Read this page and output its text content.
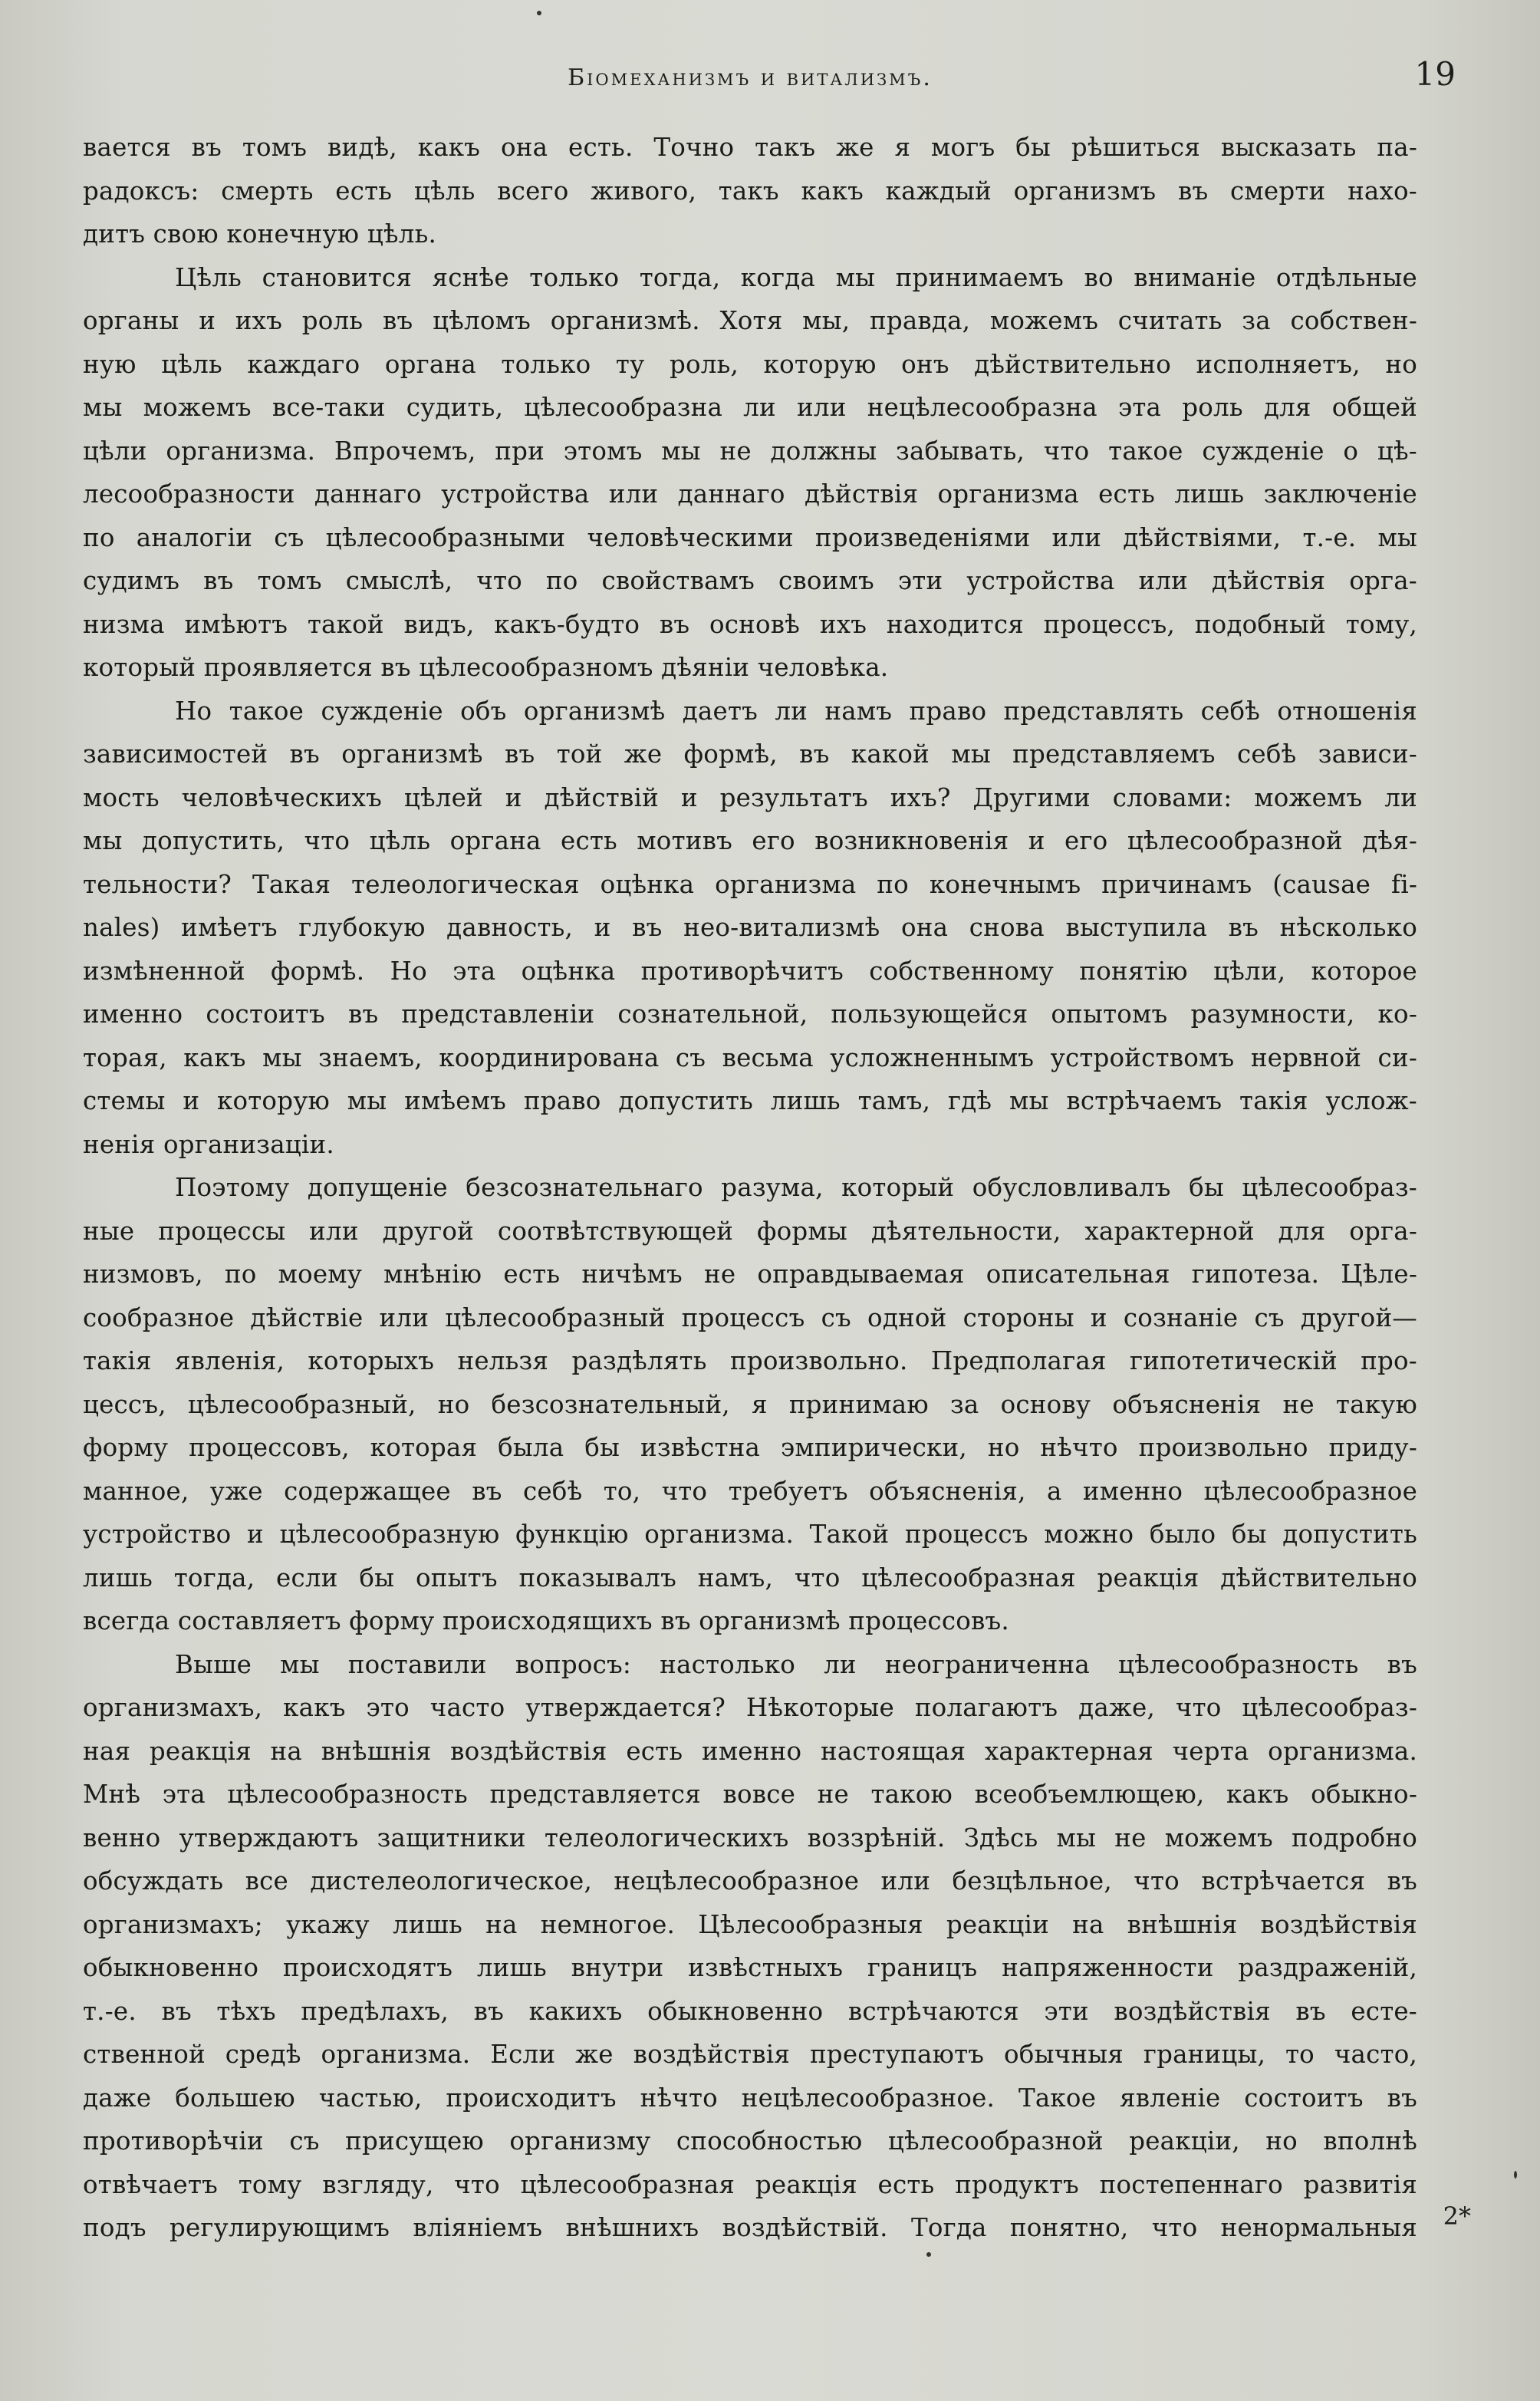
Біомеханизмъ и витализмъ.	19
вается въ томъ видѣ, какъ она есть. Точно такъ же я могъ бы рѣшиться высказать па-
радоксъ: смерть есть цѣль всего живого, такъ какъ каждый организмъ въ смерти нахо-
дитъ свою конечную цѣль.
Цѣль становится яснѣе только тогда, когда мы принимаемъ во вниманіе отдѣльные
органы и ихъ роль въ цѣломъ организмѣ. Хотя мы, правда, можемъ считать за собствен-
ную цѣль каждаго органа только ту роль, которую онъ дѣйствительно исполняетъ, но
мы можемъ все-таки судить, цѣлесообразна ли или нецѣлесообразна эта роль для общей
цѣли организма. Впрочемъ, при этомъ мы не должны забывать, что такое сужденіе о цѣ-
лесообразности даннаго устройства или даннаго дѣйствія организма есть лишь заключеніе
по аналогіи съ цѣлесообразными человѣческими произведеніями или дѣйствіями, т.-е. мы
судимъ въ томъ смыслѣ, что по свойствамъ своимъ эти устройства или дѣйствія орга-
низма имѣютъ такой видъ, какъ-будто въ основѣ ихъ находится процессъ, подобный тому,
который проявляется въ цѣлесообразномъ дѣяніи человѣка.
Но такое сужденіе объ организмѣ даетъ ли намъ право представлять себѣ отношенія
зависимостей въ организмѣ въ той же формѣ, въ какой мы представляемъ себѣ зависи-
мость человѣческихъ цѣлей и дѣйствій и результатъ ихъ? Другими словами: можемъ ли
мы допустить, что цѣль органа есть мотивъ его возникновенія и его цѣлесообразной дѣя-
тельности? Такая телеологическая оцѣнка организма по конечнымъ причинамъ (causae fi-
nales) имѣетъ глубокую давность, и въ нео-витализмѣ она снова выступила въ нѣсколько
измѣненной формѣ. Но эта оцѣнка противорѣчитъ собственному понятію цѣли, которое
именно состоитъ въ представленіи сознательной, пользующейся опытомъ разумности, ко-
торая, какъ мы знаемъ, координирована съ весьма усложненнымъ устройствомъ нервной си-
стемы и которую мы имѣемъ право допустить лишь тамъ, гдѣ мы встрѣчаемъ такія услож-
ненія организаціи.
Поэтому допущеніе безсознательнаго разума, который обусловливалъ бы цѣлесообраз-
ные процессы или другой соотвѣтствующей формы дѣятельности, характерной для орга-
низмовъ, по моему мнѣнію есть ничѣмъ не оправдываемая описательная гипотеза. Цѣле-
сообразное дѣйствіе или цѣлесообразный процессъ съ одной стороны и сознаніе съ другой—
такія явленія, которыхъ нельзя раздѣлять произвольно. Предполагая гипотетическій про-
цессъ, цѣлесообразный, но безсознательный, я принимаю за основу объясненія не такую
форму процессовъ, которая была бы извѣстна эмпирически, но нѣчто произвольно приду-
манное, уже содержащее въ себѣ то, что требуетъ объясненія, а именно цѣлесообразное
устройство и цѣлесообразную функцію организма. Такой процессъ можно было бы допустить
лишь тогда, если бы опытъ показывалъ намъ, что цѣлесообразная реакція дѣйствительно
всегда составляетъ форму происходящихъ въ организмѣ процессовъ.
Выше мы поставили вопросъ: настолько ли неограниченна цѣлесообразность въ
организмахъ, какъ это часто утверждается? Нѣкоторые полагаютъ даже, что цѣлесообраз-
ная реакція на внѣшнія воздѣйствія есть именно настоящая характерная черта организма.
Мнѣ эта цѣлесообразность представляется вовсе не такою всеобъемлющею, какъ обыкно-
венно утверждаютъ защитники телеологическихъ воззрѣній. Здѣсь мы не можемъ подробно
обсуждать все дистелеологическое, нецѣлесообразное или безцѣльное, что встрѣчается въ
организмахъ; укажу лишь на немногое. Цѣлесообразныя реакціи на внѣшнія воздѣйствія
обыкновенно происходятъ лишь внутри извѣстныхъ границъ напряженности раздраженій,
т.-е. въ тѣхъ предѣлахъ, въ какихъ обыкновенно встрѣчаются эти воздѣйствія въ есте-
ственной средѣ организма. Если же воздѣйствія преступаютъ обычныя границы, то часто,
даже большею частью, происходитъ нѣчто нецѣлесообразное. Такое явленіе состоитъ въ
противорѣчіи съ присущею организму способностью цѣлесообразной реакціи, но вполнѣ
отвѣчаетъ тому взгляду, что цѣлесообразная реакція есть продуктъ постепеннаго развитія
подъ регулирующимъ вліяніемъ внѣшнихъ воздѣйствій. Тогда понятно, что ненормальныя 2*
